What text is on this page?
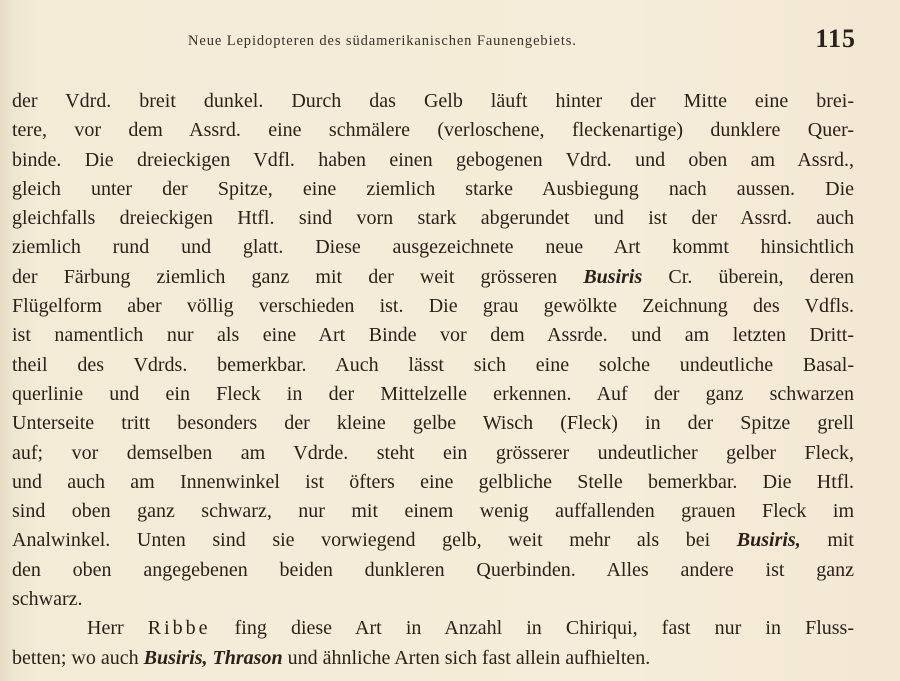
Neue Lepidopteren des südamerikanischen Faunengebiets.	115
der Vdrd. breit dunkel. Durch das Gelb läuft hinter der Mitte eine brei-
tere, vor dem Assrd. eine schmälere (verloschene, fleckenartige) dunklere Quer-
binde. Die dreieckigen Vdfl. haben einen gebogenen Vdrd. und oben am Assrd.,
gleich unter der Spitze, eine ziemlich starke Ausbiegung nach aussen. Die
gleichfalls dreieckigen Htfl. sind vorn stark abgerundet und ist der Assrd. auch
ziemlich rund und glatt. Diese ausgezeichnete neue Art kommt hinsichtlich
der Färbung ziemlich ganz mit der weit grösseren Busiris Cr. überein, deren
Flügelform aber völlig verschieden ist. Die grau gewölkte Zeichnung des Vdfls.
ist namentlich nur als eine Art Binde vor dem Assrde. und am letzten Dritt-
theil des Vdrds. bemerkbar. Auch lässt sich eine solche undeutliche Basal-
querlinie und ein Fleck in der Mittelzelle erkennen. Auf der ganz schwarzen
Unterseite tritt besonders der kleine gelbe Wisch (Fleck) in der Spitze grell
auf; vor demselben am Vdrde. steht ein grösserer undeutlicher gelber Fleck,
und auch am Innenwinkel ist öfters eine gelbliche Stelle bemerkbar. Die Htfl.
sind oben ganz schwarz, nur mit einem wenig auffallenden grauen Fleck im
Analwinkel. Unten sind sie vorwiegend gelb, weit mehr als bei Busiris, mit
den oben angegebenen beiden dunkleren Querbinden. Alles andere ist ganz
schwarz.
Herr Ribbe fing diese Art in Anzahl in Chiriqui, fast nur in Fluss-
betten; wo auch Busiris, Thrason und ähnliche Arten sich fast allein aufhielten.
